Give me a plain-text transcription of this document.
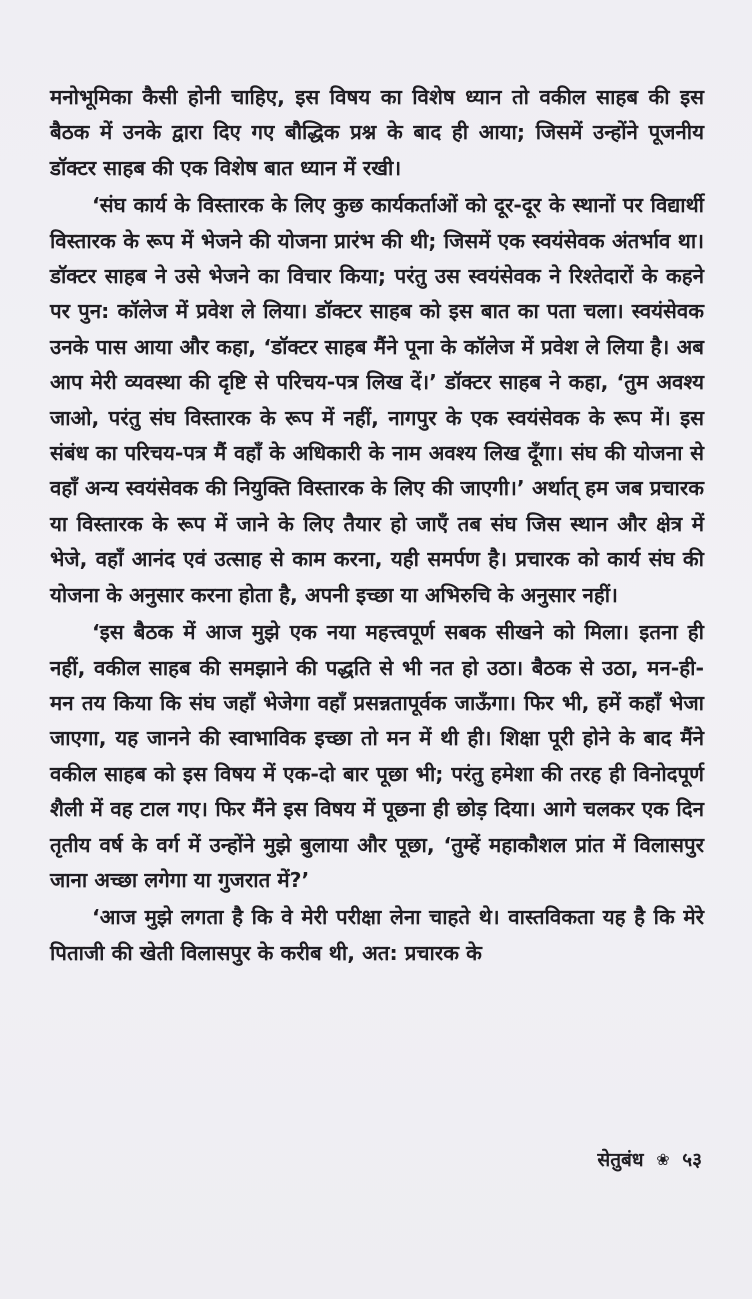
मनोभूमिका कैसी होनी चाहिए, इस विषय का विशेष ध्यान तो वकील साहब की इस बैठक में उनके द्वारा दिए गए बौद्धिक प्रश्न के बाद ही आया; जिसमें उन्होंने पूजनीय डॉक्टर साहब की एक विशेष बात ध्यान में रखी।

‘संघ कार्य के विस्तारक के लिए कुछ कार्यकर्ताओं को दूर-दूर के स्थानों पर विद्यार्थी विस्तारक के रूप में भेजने की योजना प्रारंभ की थी; जिसमें एक स्वयंसेवक अंतर्भाव था। डॉक्टर साहब ने उसे भेजने का विचार किया; परंतु उस स्वयंसेवक ने रिश्तेदारों के कहने पर पुन: कॉलेज में प्रवेश ले लिया। डॉक्टर साहब को इस बात का पता चला। स्वयंसेवक उनके पास आया और कहा, ‘डॉक्टर साहब मैंने पूना के कॉलेज में प्रवेश ले लिया है। अब आप मेरी व्यवस्था की दृष्टि से परिचय-पत्र लिख दें।’ डॉक्टर साहब ने कहा, ‘तुम अवश्य जाओ, परंतु संघ विस्तारक के रूप में नहीं, नागपुर के एक स्वयंसेवक के रूप में। इस संबंध का परिचय-पत्र मैं वहाँ के अधिकारी के नाम अवश्य लिख दूँगा। संघ की योजना से वहाँ अन्य स्वयंसेवक की नियुक्ति विस्तारक के लिए की जाएगी।’ अर्थात् हम जब प्रचारक या विस्तारक के रूप में जाने के लिए तैयार हो जाएँ तब संघ जिस स्थान और क्षेत्र में भेजे, वहाँ आनंद एवं उत्साह से काम करना, यही समर्पण है। प्रचारक को कार्य संघ की योजना के अनुसार करना होता है, अपनी इच्छा या अभिरुचि के अनुसार नहीं।

‘इस बैठक में आज मुझे एक नया महत्त्वपूर्ण सबक सीखने को मिला। इतना ही नहीं, वकील साहब की समझाने की पद्धति से भी नत हो उठा। बैठक से उठा, मन-ही-मन तय किया कि संघ जहाँ भेजेगा वहाँ प्रसन्नतापूर्वक जाऊँगा। फिर भी, हमें कहाँ भेजा जाएगा, यह जानने की स्वाभाविक इच्छा तो मन में थी ही। शिक्षा पूरी होने के बाद मैंने वकील साहब को इस विषय में एक-दो बार पूछा भी; परंतु हमेशा की तरह ही विनोदपूर्ण शैली में वह टाल गए। फिर मैंने इस विषय में पूछना ही छोड़ दिया। आगे चलकर एक दिन तृतीय वर्ष के वर्ग में उन्होंने मुझे बुलाया और पूछा, ‘तुम्हें महाकौशल प्रांत में विलासपुर जाना अच्छा लगेगा या गुजरात में?’

‘आज मुझे लगता है कि वे मेरी परीक्षा लेना चाहते थे। वास्तविकता यह है कि मेरे पिताजी की खेती विलासपुर के करीब थी, अत: प्रचारक के

सेतुबंध ❀ ५३
